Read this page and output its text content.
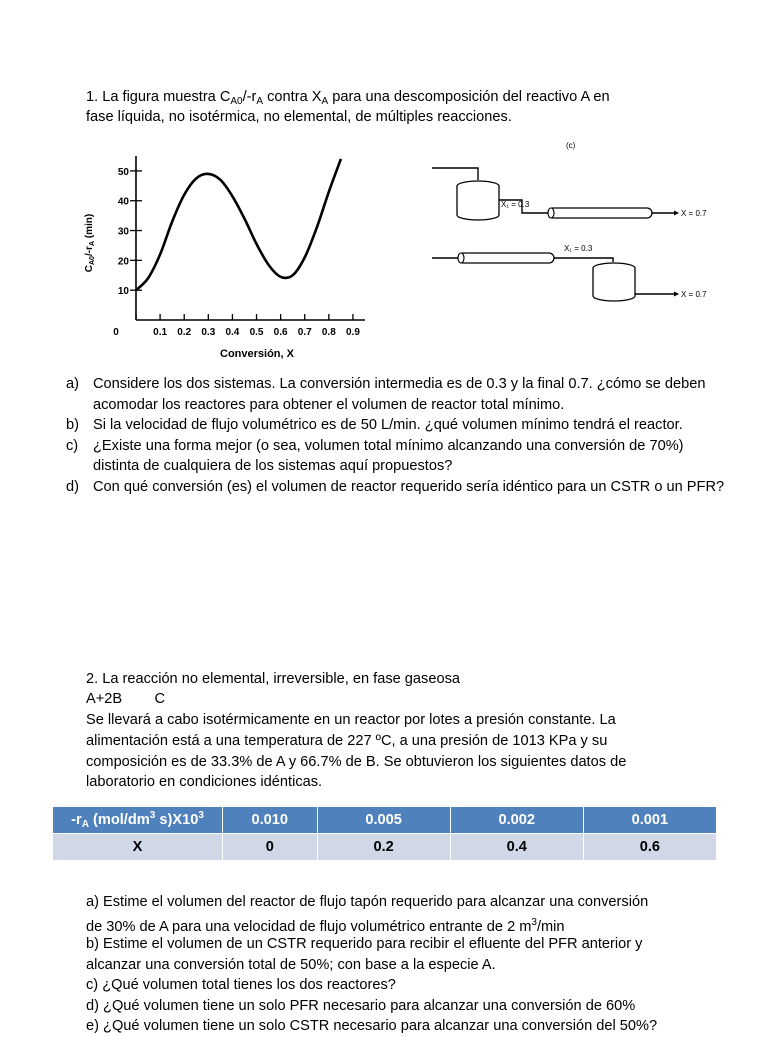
1. La figura muestra $C_{A0}/-r_A$ contra $X_A$ para una descomposición del reactivo A en
fase líquida, no isotérmica, no elemental, de múltiples reacciones.
0	0.1 0.2 0.3 0.4 0.5 0.6 0.7 0.8 0.9
10
20
30
40
50
Conversión, X
$C_{A0}/-r_A$ (min)
(c)
X₁ = 0.3
X = 0.7
X₁ = 0.3
X = 0.7
a) Considere los dos sistemas. La conversión intermedia es de 0.3 y la final 0.7. ¿cómo se deben acomodar los reactores para obtener el volumen de reactor total mínimo.
b) Si la velocidad de flujo volumétrico es de 50 L/min. ¿qué volumen mínimo tendrá el reactor.
c)	¿Existe una forma mejor (o sea, volumen total mínimo alcanzando una conversión de 70%) distinta de cualquiera de los sistemas aquí propuestos?
d) Con qué conversión (es) el volumen de reactor requerido sería idéntico para un CSTR o un PFR?
2. La reacción no elemental, irreversible, en fase gaseosa
A+2B        C
Se llevará a cabo isotérmicamente en un reactor por lotes a presión constante. La
alimentación está a una temperatura de 227 ºC, a una presión de 1013 KPa y su
composición es de 33.3% de A y 66.7% de B. Se obtuvieron los siguientes datos de
laboratorio en condiciones idénticas.
$-r_A$ ($mol/dm^3$ $s)X10^3$	0.010	0.005	0.002	0.001
X	0	0.2	0.4	0.6
a) Estime el volumen del reactor de flujo tapón requerido para alcanzar una conversión
de 30% de A para una velocidad de flujo volumétrico entrante de 2 $m^3/\min$
b) Estime el volumen de un CSTR requerido para recibir el efluente del PFR anterior y
alcanzar una conversión total de 50%; con base a la especie A.
c) ¿Qué volumen total tienes los dos reactores?
d) ¿Qué volumen tiene un solo PFR necesario para alcanzar una conversión de 60%
e) ¿Qué volumen tiene un solo CSTR necesario para alcanzar una conversión del 50%?
